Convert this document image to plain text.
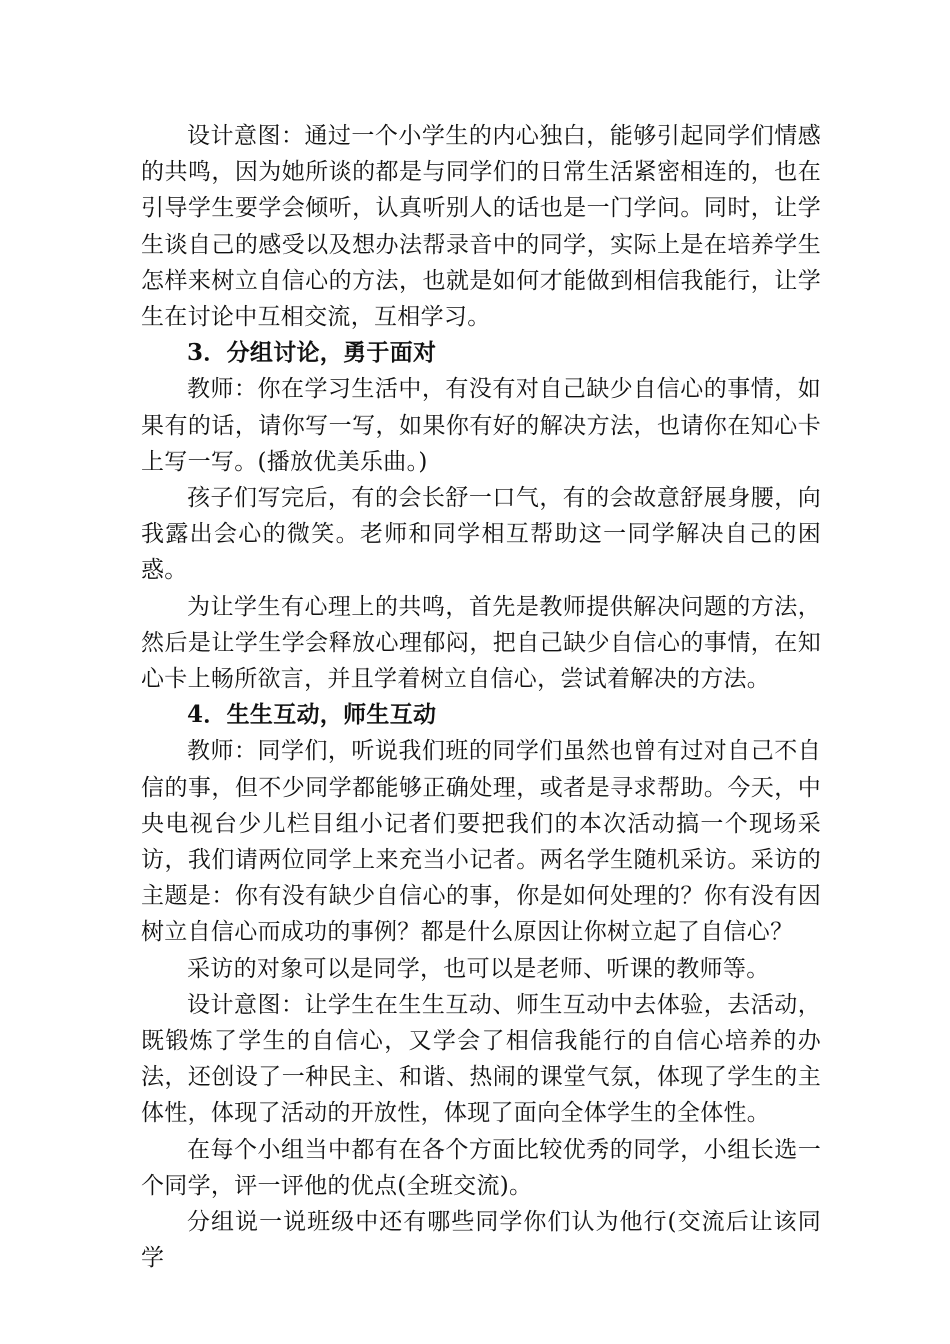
设计意图：通过一个小学生的内心独白，能够引起同学们情感的共鸣，因为她所谈的都是与同学们的日常生活紧密相连的，也在引导学生要学会倾听，认真听别人的话也是一门学问。同时，让学生谈自己的感受以及想办法帮录音中的同学，实际上是在培养学生怎样来树立自信心的方法，也就是如何才能做到相信我能行，让学生在讨论中互相交流，互相学习。

3．分组讨论，勇于面对

教师：你在学习生活中，有没有对自己缺少自信心的事情，如果有的话，请你写一写，如果你有好的解决方法，也请你在知心卡上写一写。(播放优美乐曲。)

孩子们写完后，有的会长舒一口气，有的会故意舒展身腰，向我露出会心的微笑。老师和同学相互帮助这一同学解决自己的困惑。

为让学生有心理上的共鸣，首先是教师提供解决问题的方法，然后是让学生学会释放心理郁闷，把自己缺少自信心的事情，在知心卡上畅所欲言，并且学着树立自信心，尝试着解决的方法。

4．生生互动，师生互动

教师：同学们，听说我们班的同学们虽然也曾有过对自己不自信的事，但不少同学都能够正确处理，或者是寻求帮助。今天，中央电视台少儿栏目组小记者们要把我们的本次活动搞一个现场采访，我们请两位同学上来充当小记者。两名学生随机采访。采访的主题是：你有没有缺少自信心的事，你是如何处理的？你有没有因树立自信心而成功的事例？都是什么原因让你树立起了自信心？

采访的对象可以是同学，也可以是老师、听课的教师等。

设计意图：让学生在生生互动、师生互动中去体验，去活动，既锻炼了学生的自信心，又学会了相信我能行的自信心培养的办法，还创设了一种民主、和谐、热闹的课堂气氛，体现了学生的主体性，体现了活动的开放性，体现了面向全体学生的全体性。

在每个小组当中都有在各个方面比较优秀的同学，小组长选一个同学，评一评他的优点(全班交流)。

分组说一说班级中还有哪些同学你们认为他行(交流后让该同学
